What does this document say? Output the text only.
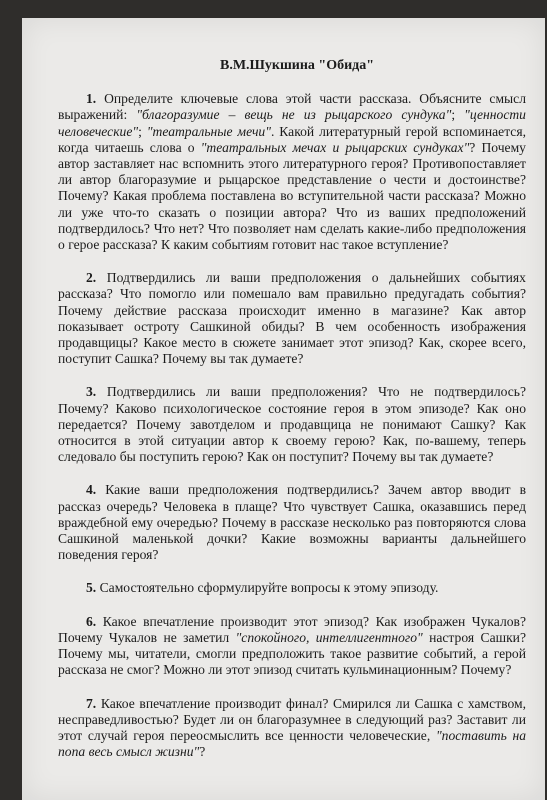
В.М.Шукшина "Обида"

1. Определите ключевые слова этой части рассказа. Объясните смысл выражений: "благоразумие – вещь не из рыцарского сундука"; "ценности человеческие"; "театральные мечи". Какой литературный герой вспоминается, когда читаешь слова о "театральных мечах и рыцарских сундуках"? Почему автор заставляет нас вспомнить этого литературного героя? Противопоставляет ли автор благоразумие и рыцарское представление о чести и достоинстве? Почему? Какая проблема поставлена во вступительной части рассказа? Можно ли уже что-то сказать о позиции автора? Что из ваших предположений подтвердилось? Что нет? Что позволяет нам сделать какие-либо предположения о герое рассказа? К каким событиям готовит нас такое вступление?

2. Подтвердились ли ваши предположения о дальнейших событиях рассказа? Что помогло или помешало вам правильно предугадать события? Почему действие рассказа происходит именно в магазине? Как автор показывает остроту Сашкиной обиды? В чем особенность изображения продавщицы? Какое место в сюжете занимает этот эпизод? Как, скорее всего, поступит Сашка? Почему вы так думаете?

3. Подтвердились ли ваши предположения? Что не подтвердилось? Почему? Каково психологическое состояние героя в этом эпизоде? Как оно передается? Почему завотделом и продавщица не понимают Сашку? Как относится в этой ситуации автор к своему герою? Как, по-вашему, теперь следовало бы поступить герою? Как он поступит? Почему вы так думаете?

4. Какие ваши предположения подтвердились? Зачем автор вводит в рассказ очередь? Человека в плаще? Что чувствует Сашка, оказавшись перед враждебной ему очередью? Почему в рассказе несколько раз повторяются слова Сашкиной маленькой дочки? Какие возможны варианты дальнейшего поведения героя?

5. Самостоятельно сформулируйте вопросы к этому эпизоду.

6. Какое впечатление производит этот эпизод? Как изображен Чукалов? Почему Чукалов не заметил "спокойного, интеллигентного" настроя Сашки? Почему мы, читатели, смогли предположить такое развитие событий, а герой рассказа не смог? Можно ли этот эпизод считать кульминационным? Почему?

7. Какое впечатление производит финал? Смирился ли Сашка с хамством, несправедливостью? Будет ли он благоразумнее в следующий раз? Заставит ли этот случай героя переосмыслить все ценности человеческие, "поставить на попа весь смысл жизни"?
